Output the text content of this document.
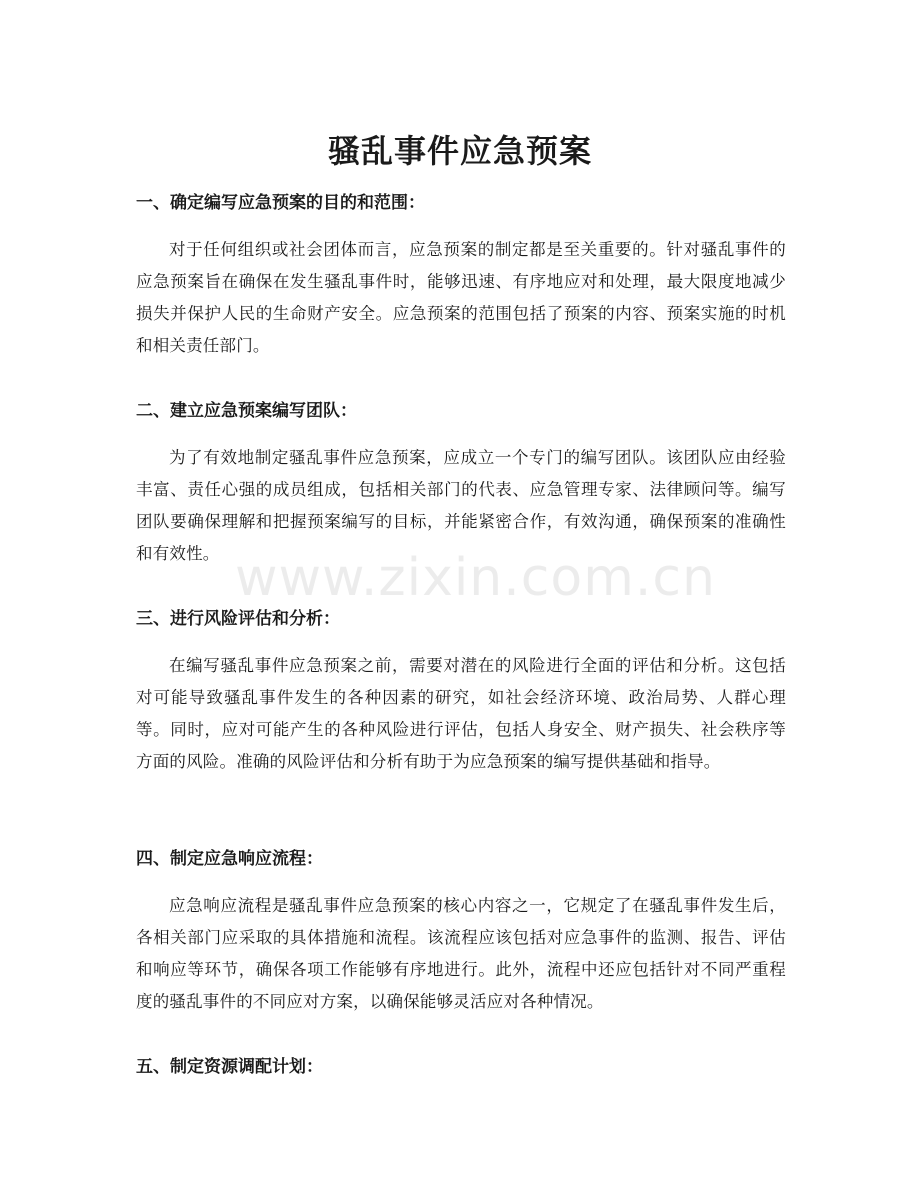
骚乱事件应急预案
一、确定编写应急预案的目的和范围：

对于任何组织或社会团体而言，应急预案的制定都是至关重要的。针对骚乱事件的应急预案旨在确保在发生骚乱事件时，能够迅速、有序地应对和处理，最大限度地减少损失并保护人民的生命财产安全。应急预案的范围包括了预案的内容、预案实施的时机和相关责任部门。

二、建立应急预案编写团队：

为了有效地制定骚乱事件应急预案，应成立一个专门的编写团队。该团队应由经验丰富、责任心强的成员组成，包括相关部门的代表、应急管理专家、法律顾问等。编写团队要确保理解和把握预案编写的目标，并能紧密合作，有效沟通，确保预案的准确性和有效性。

三、进行风险评估和分析：

在编写骚乱事件应急预案之前，需要对潜在的风险进行全面的评估和分析。这包括对可能导致骚乱事件发生的各种因素的研究，如社会经济环境、政治局势、人群心理等。同时，应对可能产生的各种风险进行评估，包括人身安全、财产损失、社会秩序等方面的风险。准确的风险评估和分析有助于为应急预案的编写提供基础和指导。

四、制定应急响应流程：

应急响应流程是骚乱事件应急预案的核心内容之一，它规定了在骚乱事件发生后，各相关部门应采取的具体措施和流程。该流程应该包括对应急事件的监测、报告、评估和响应等环节，确保各项工作能够有序地进行。此外，流程中还应包括针对不同严重程度的骚乱事件的不同应对方案，以确保能够灵活应对各种情况。

五、制定资源调配计划：
www.zixin.com.cn
